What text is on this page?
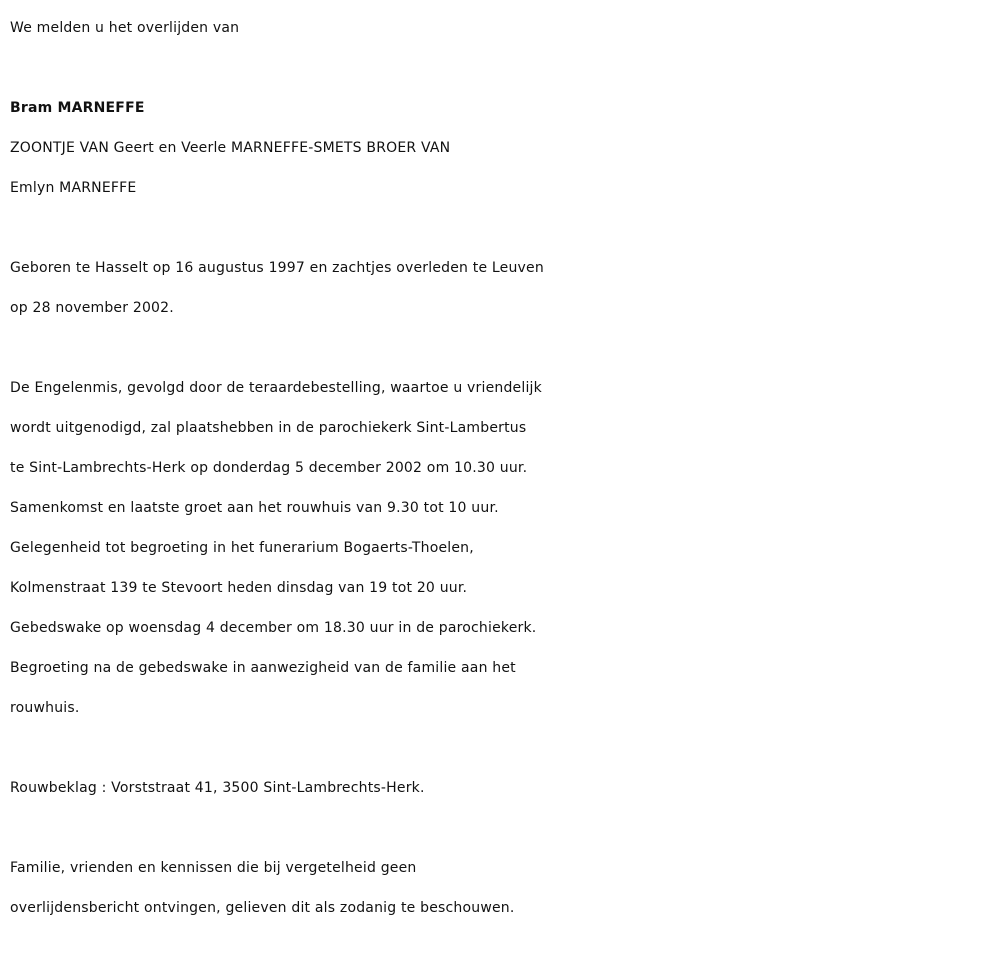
We melden u het overlijden van
Bram MARNEFFE
ZOONTJE VAN Geert en Veerle MARNEFFE-SMETS BROER VAN
Emlyn MARNEFFE
Geboren te Hasselt op 16 augustus 1997 en zachtjes overleden te Leuven
op 28 november 2002.
De Engelenmis, gevolgd door de teraardebestelling, waartoe u vriendelijk
wordt uitgenodigd, zal plaatshebben in de parochiekerk Sint-Lambertus
te Sint-Lambrechts-Herk op donderdag 5 december 2002 om 10.30 uur.
Samenkomst en laatste groet aan het rouwhuis van 9.30 tot 10 uur.
Gelegenheid tot begroeting in het funerarium Bogaerts-Thoelen,
Kolmenstraat 139 te Stevoort heden dinsdag van 19 tot 20 uur.
Gebedswake op woensdag 4 december om 18.30 uur in de parochiekerk.
Begroeting na de gebedswake in aanwezigheid van de familie aan het
rouwhuis.
Rouwbeklag : Vorststraat 41, 3500 Sint-Lambrechts-Herk.
Familie, vrienden en kennissen die bij vergetelheid geen
overlijdensbericht ontvingen, gelieven dit als zodanig te beschouwen.
